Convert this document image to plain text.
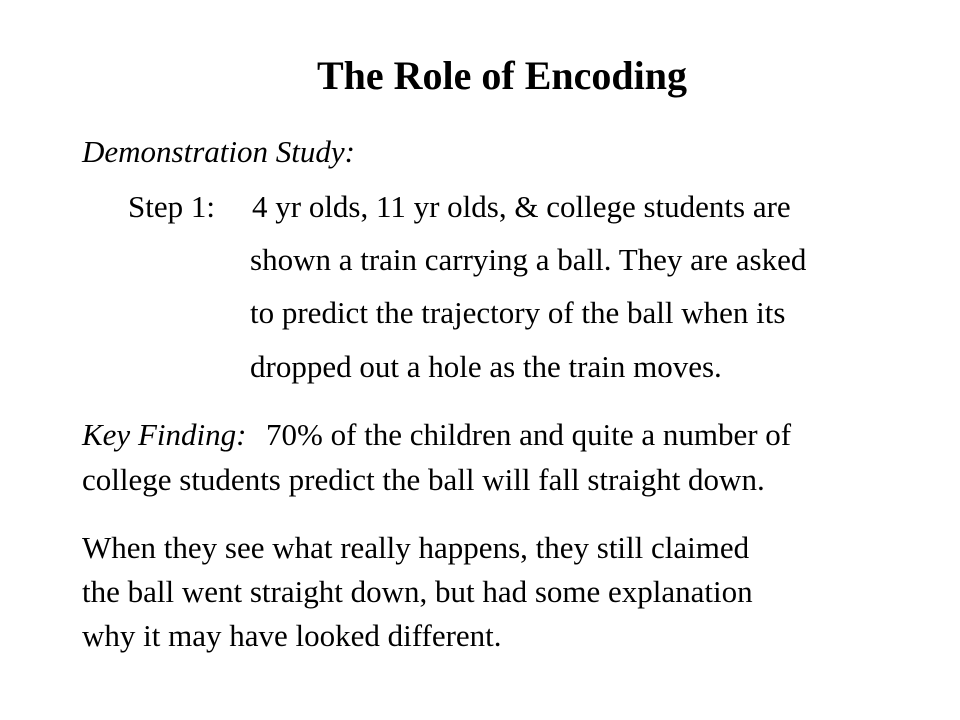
The Role of Encoding
Demonstration Study:
Step 1: 4 yr olds, 11 yr olds, & college students are
shown a train carrying a ball. They are asked
to predict the trajectory of the ball when its
dropped out a hole as the train moves.
Key Finding: 70% of the children and quite a number of
college students predict the ball will fall straight down.
When they see what really happens, they still claimed
the ball went straight down, but had some explanation
why it may have looked different.
